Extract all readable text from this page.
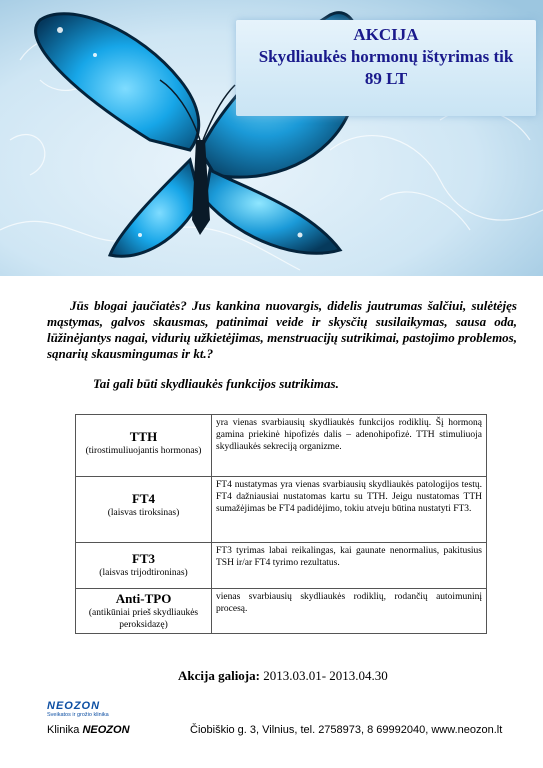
AKCIJA
Skydliaukės hormonų ištyrimas tik
89 LT
Jūs blogai jaučiatės? Jus kankina nuovargis, didelis jautrumas šalčiui, sulėtėjęs mąstymas, galvos skausmas, patinimai veide ir skysčių susilaikymas, sausa oda, lūžinėjantys nagai, vidurių užkietėjimas, menstruacijų sutrikimai, pastojimo problemos, sąnarių skausmingumas ir kt.?
Tai gali būti skydliaukės funkcijos sutrikimas.
TTH
(tirostimuliuojantis hormonas)	yra vienas svarbiausių skydliaukės funkcijos rodiklių. Šį hormoną gamina priekinė hipofizės dalis – adenohipofizė. TTH stimuliuoja skydliaukės sekreciją organizme.

FT4
(laisvas tiroksinas)	FT4 nustatymas yra vienas svarbiausių skydliaukės patologijos testų. FT4 dažniausiai nustatomas kartu su TTH. Jeigu nustatomas TTH sumažėjimas be FT4 padidėjimo, tokiu atveju būtina nustatyti FT3.

FT3
(laisvas trijodtironinas)	FT3 tyrimas labai reikalingas, kai gaunate nenormalius, pakitusius TSH ir/ar FT4 tyrimo rezultatus.

Anti-TPO
(antikūniai prieš skydliaukės peroksidazę)	vienas svarbiausių skydliaukės rodiklių, rodančių autoimuninį procesą.
Akcija galioja: 2013.03.01- 2013.04.30
NEOZON
Sveikatos ir grožio klinika
Klinika NEOZON	Čiobiškio g. 3, Vilnius, tel. 2758973, 8 69992040, www.neozon.lt
